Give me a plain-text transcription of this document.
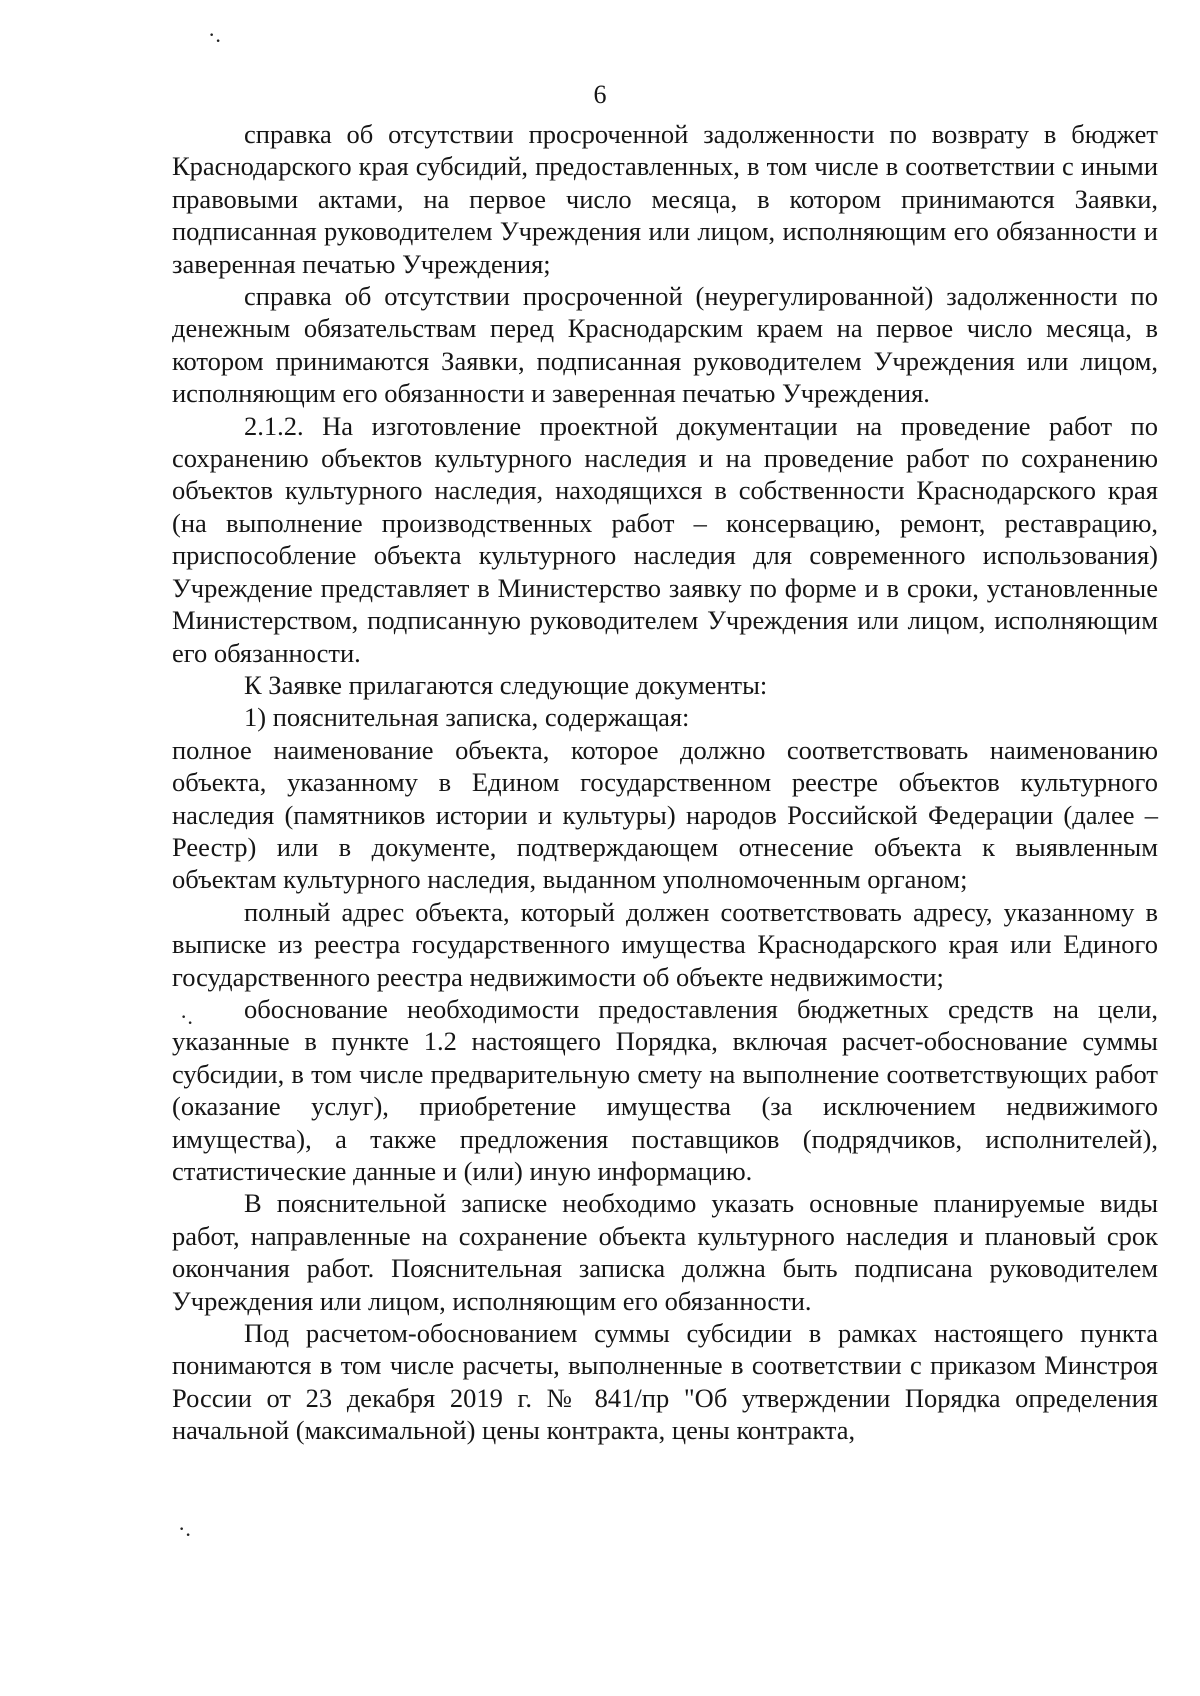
·.
·.
·.
6

справка об отсутствии просроченной задолженности по возврату в бюджет Краснодарского края субсидий, предоставленных, в том числе в соответствии с иными правовыми актами, на первое число месяца, в котором принимаются Заявки, подписанная руководителем Учреждения или лицом, исполняющим его обязанности и заверенная печатью Учреждения;

справка об отсутствии просроченной (неурегулированной) задолженности по денежным обязательствам перед Краснодарским краем на первое число месяца, в котором принимаются Заявки, подписанная руководителем Учреждения или лицом, исполняющим его обязанности и заверенная печатью Учреждения.

2.1.2. На изготовление проектной документации на проведение работ по сохранению объектов культурного наследия и на проведение работ по сохранению объектов культурного наследия, находящихся в собственности Краснодарского края (на выполнение производственных работ – консервацию, ремонт, реставрацию, приспособление объекта культурного наследия для современного использования) Учреждение представляет в Министерство заявку по форме и в сроки, установленные Министерством, подписанную руководителем Учреждения или лицом, исполняющим его обязанности.

К Заявке прилагаются следующие документы:

1) пояснительная записка, содержащая:

полное наименование объекта, которое должно соответствовать наименованию объекта, указанному в Едином государственном реестре объектов культурного наследия (памятников истории и культуры) народов Российской Федерации (далее – Реестр) или в документе, подтверждающем отнесение объекта к выявленным объектам культурного наследия, выданном уполномоченным органом;

полный адрес объекта, который должен соответствовать адресу, указанному в выписке из реестра государственного имущества Краснодарского края или Единого государственного реестра недвижимости об объекте недвижимости;

обоснование необходимости предоставления бюджетных средств на цели, указанные в пункте 1.2 настоящего Порядка, включая расчет-обоснование суммы субсидии, в том числе предварительную смету на выполнение соответствующих работ (оказание услуг), приобретение имущества (за исключением недвижимого имущества), а также предложения поставщиков (подрядчиков, исполнителей), статистические данные и (или) иную информацию.

В пояснительной записке необходимо указать основные планируемые виды работ, направленные на сохранение объекта культурного наследия и плановый срок окончания работ. Пояснительная записка должна быть подписана руководителем Учреждения или лицом, исполняющим его обязанности.

Под расчетом-обоснованием суммы субсидии в рамках настоящего пункта понимаются в том числе расчеты, выполненные в соответствии с приказом Минстроя России от 23 декабря 2019 г. № 841/пр "Об утверждении Порядка определения начальной (максимальной) цены контракта, цены контракта,
